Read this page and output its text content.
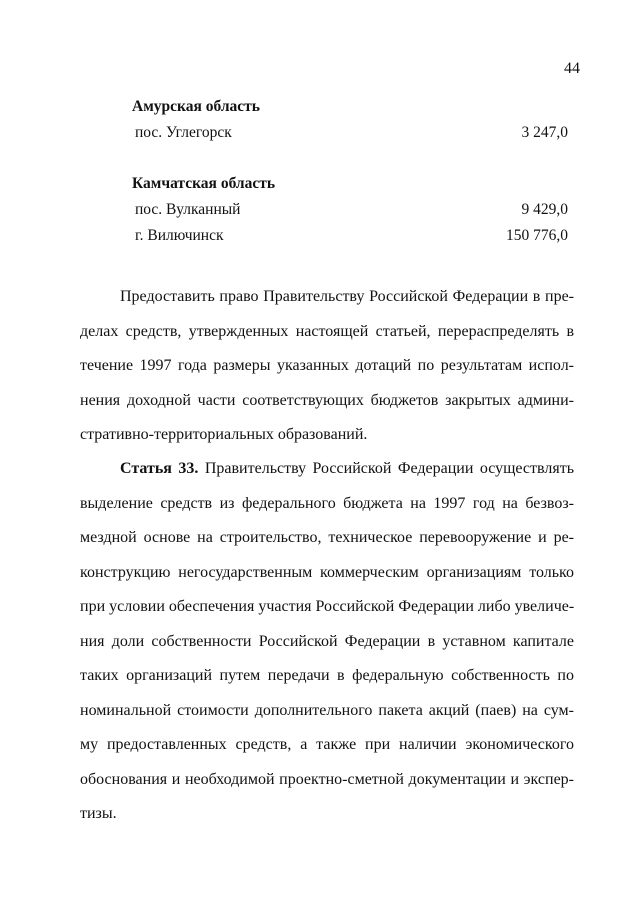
44
Амурская область
пос. Углегорск	3 247,0
Камчатская область
пос. Вулканный	9 429,0
г. Вилючинск	150 776,0
Предоставить право Правительству Российской Федерации в пре-
делах средств, утвержденных настоящей статьей, перераспределять в
течение 1997 года размеры указанных дотаций по результатам испол-
нения доходной части соответствующих бюджетов закрытых админи-
стративно-территориальных образований.
Статья 33. Правительству Российской Федерации осуществлять
выделение средств из федерального бюджета на 1997 год на безвоз-
мездной основе на строительство, техническое перевооружение и ре-
конструкцию негосударственным коммерческим организациям только
при условии обеспечения участия Российской Федерации либо увеличе-
ния доли собственности Российской Федерации в уставном капитале
таких организаций путем передачи в федеральную собственность по
номинальной стоимости дополнительного пакета акций (паев) на сум-
му предоставленных средств, а также при наличии экономического
обоснования и необходимой проектно-сметной документации и экспер-
тизы.
